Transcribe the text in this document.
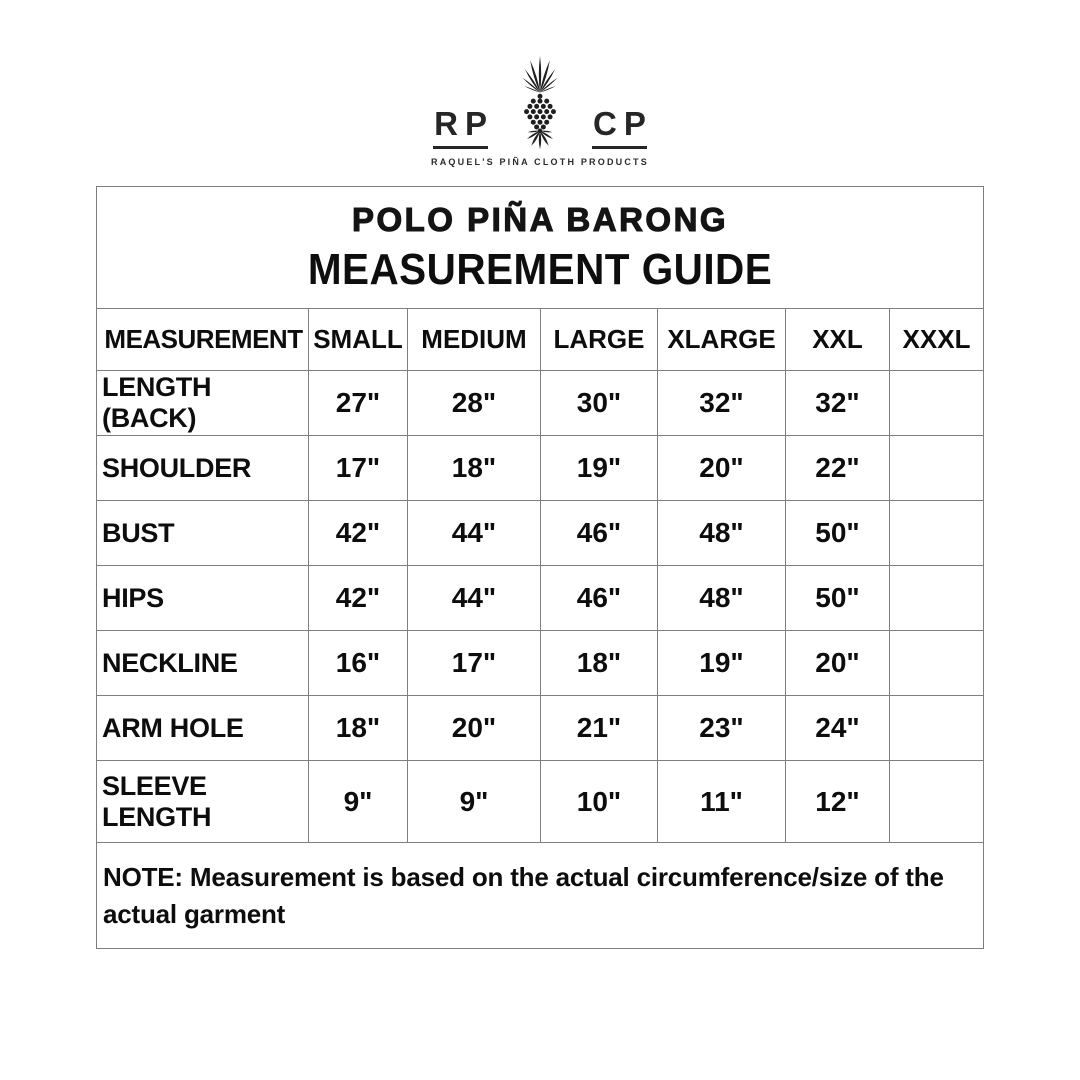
RP	CP
RAQUEL'S PIÑA CLOTH PRODUCTS
POLO PIÑA BARONG
MEASUREMENT GUIDE						

MEASUREMENT	SMALL	MEDIUM	LARGE	XLARGE	XXL	XXXL
LENGTH (BACK)	27"	28"	30"	32"	32"	
SHOULDER	17"	18"	19"	20"	22"	
BUST	42"	44"	46"	48"	50"	
HIPS	42"	44"	46"	48"	50"	
NECKLINE	16"	17"	18"	19"	20"	
ARM HOLE	18"	20"	21"	23"	24"	
SLEEVE LENGTH	9"	9"	10"	11"	12"	

NOTE: Measurement is based on the actual circumference/size of the actual garment						
